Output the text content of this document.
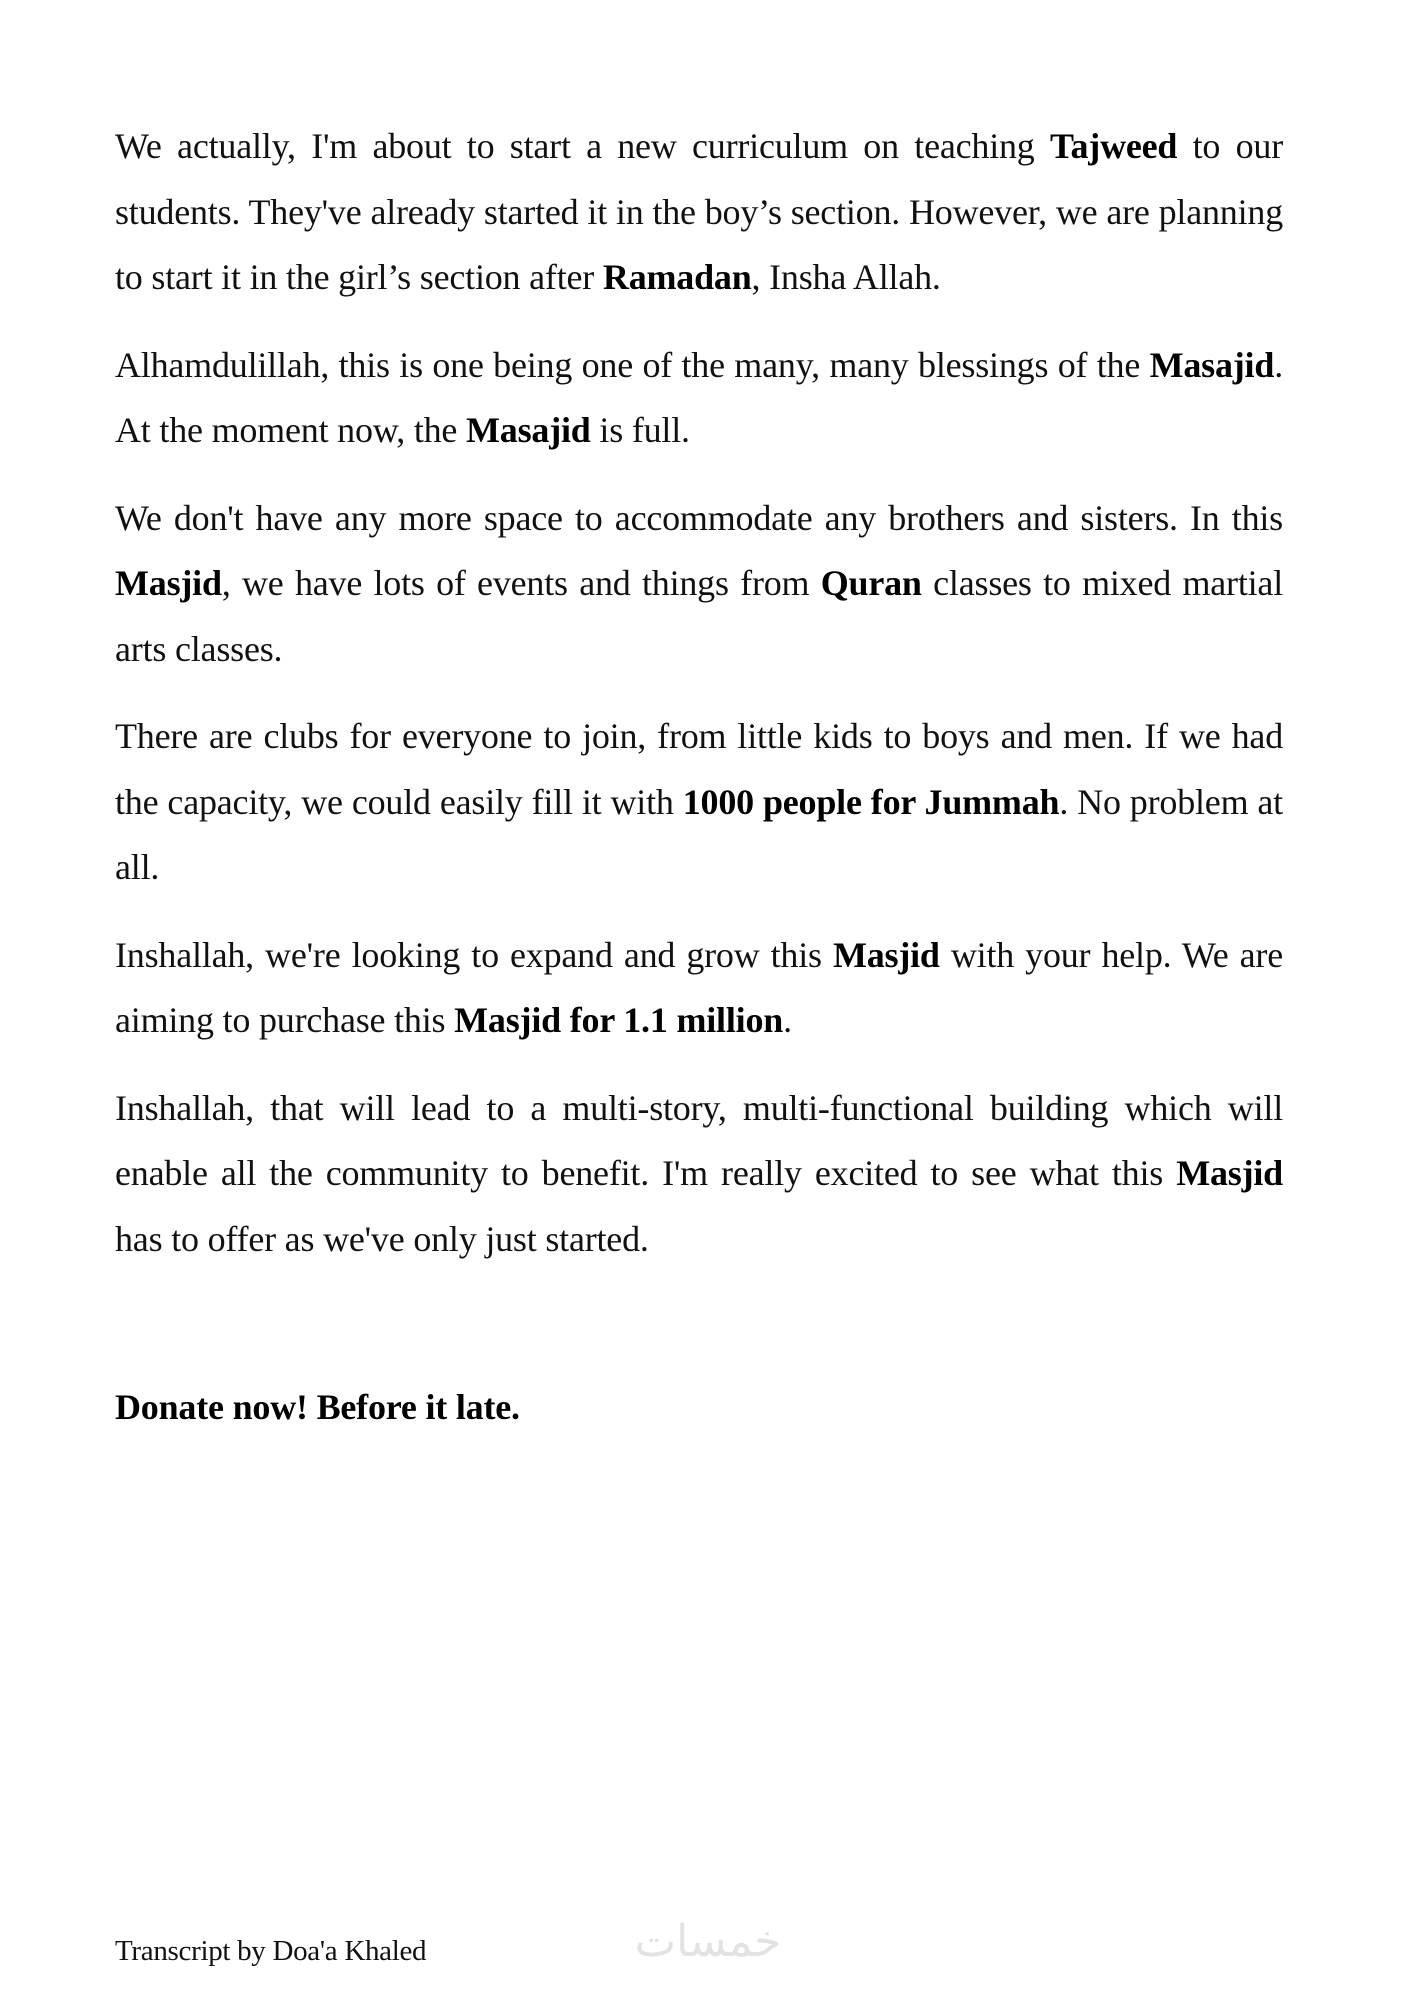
We actually, I'm about to start a new curriculum on teaching Tajweed to our students. They've already started it in the boy’s section. However, we are planning to start it in the girl’s section after Ramadan, Insha Allah.

Alhamdulillah, this is one being one of the many, many blessings of the Masajid. At the moment now, the Masajid is full.

We don't have any more space to accommodate any brothers and sisters. In this Masjid, we have lots of events and things from Quran classes to mixed martial arts classes.

There are clubs for everyone to join, from little kids to boys and men. If we had the capacity, we could easily fill it with 1000 people for Jummah. No problem at all.

Inshallah, we're looking to expand and grow this Masjid with your help. We are aiming to purchase this Masjid for 1.1 million.

Inshallah, that will lead to a multi-story, multi-functional building which will enable all the community to benefit. I'm really excited to see what this Masjid has to offer as we've only just started.

Donate now! Before it late.

Transcript by Doa'a Khaled	خمسات
